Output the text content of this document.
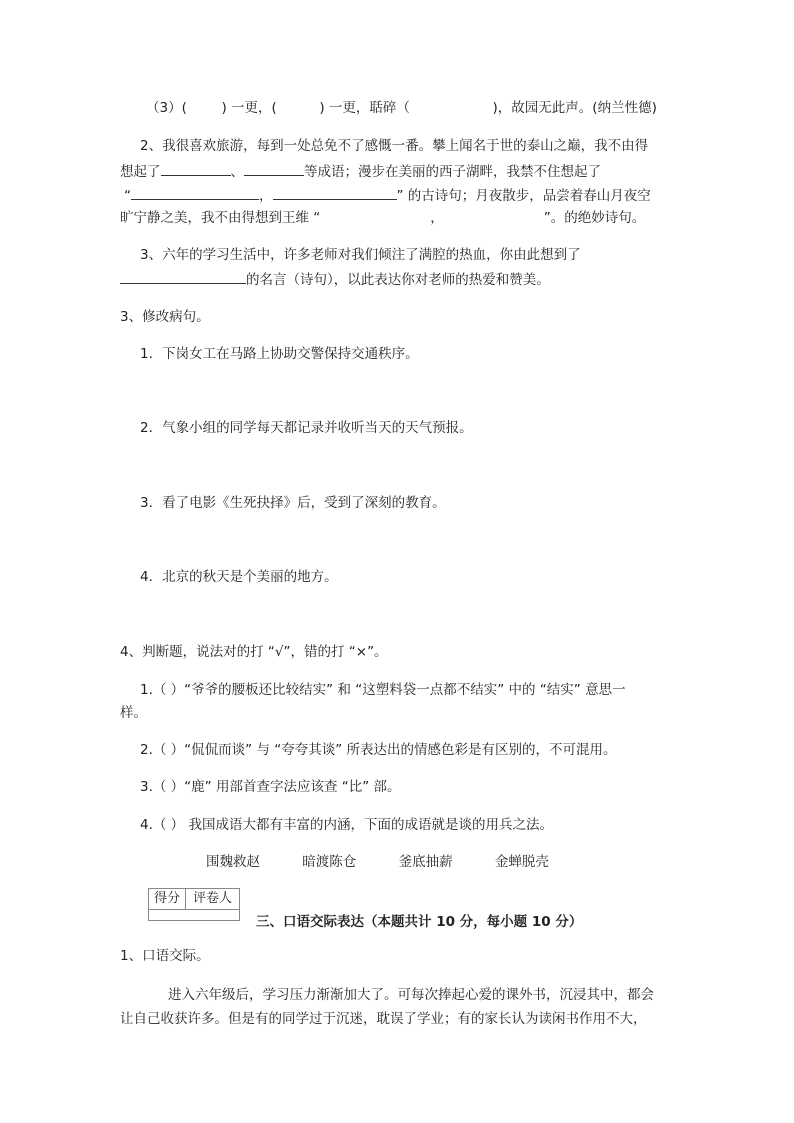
（3）(	) 一更，(	) 一更，聒碎（	)，故园无此声。(纳兰性德)
2、我很喜欢旅游，每到一处总免不了感慨一番。攀上闻名于世的泰山之巅，我不由得
想起了	、	等成语；漫步在美丽的西子湖畔，我禁不住想起了
“	，	” 的古诗句；月夜散步，品尝着春山月夜空
旷宁静之美，我不由得想到王维 “	，	”。的绝妙诗句。
3、六年的学习生活中，许多老师对我们倾注了满腔的热血，你由此想到了
的名言（诗句），以此表达你对老师的热爱和赞美。
3、修改病句。
1．下岗女工在马路上协助交警保持交通秩序。
2．气象小组的同学每天都记录并收听当天的天气预报。
3．看了电影《生死抉择》后，受到了深刻的教育。
4．北京的秋天是个美丽的地方。
4、判断题，说法对的打 “√”，错的打 “×”。
1.（ ）“爷爷的腰板还比较结实” 和 “这塑料袋一点都不结实” 中的 “结实” 意思一
样。
2.（ ）“侃侃而谈” 与 “夸夸其谈” 所表达出的情感色彩是有区别的，不可混用。
3.（ ）“鹿” 用部首查字法应该查 “比” 部。
4.（ ） 我国成语大都有丰富的内涵，下面的成语就是谈的用兵之法。
围魏救赵	暗渡陈仓	釜底抽薪	金蝉脱壳
得分 评卷人
三、口语交际表达（本题共计 10 分，每小题 10 分）
1、口语交际。
进入六年级后，学习压力渐渐加大了。可每次捧起心爱的课外书，沉浸其中，都会
让自己收获许多。但是有的同学过于沉迷，耽误了学业；有的家长认为读闲书作用不大，
